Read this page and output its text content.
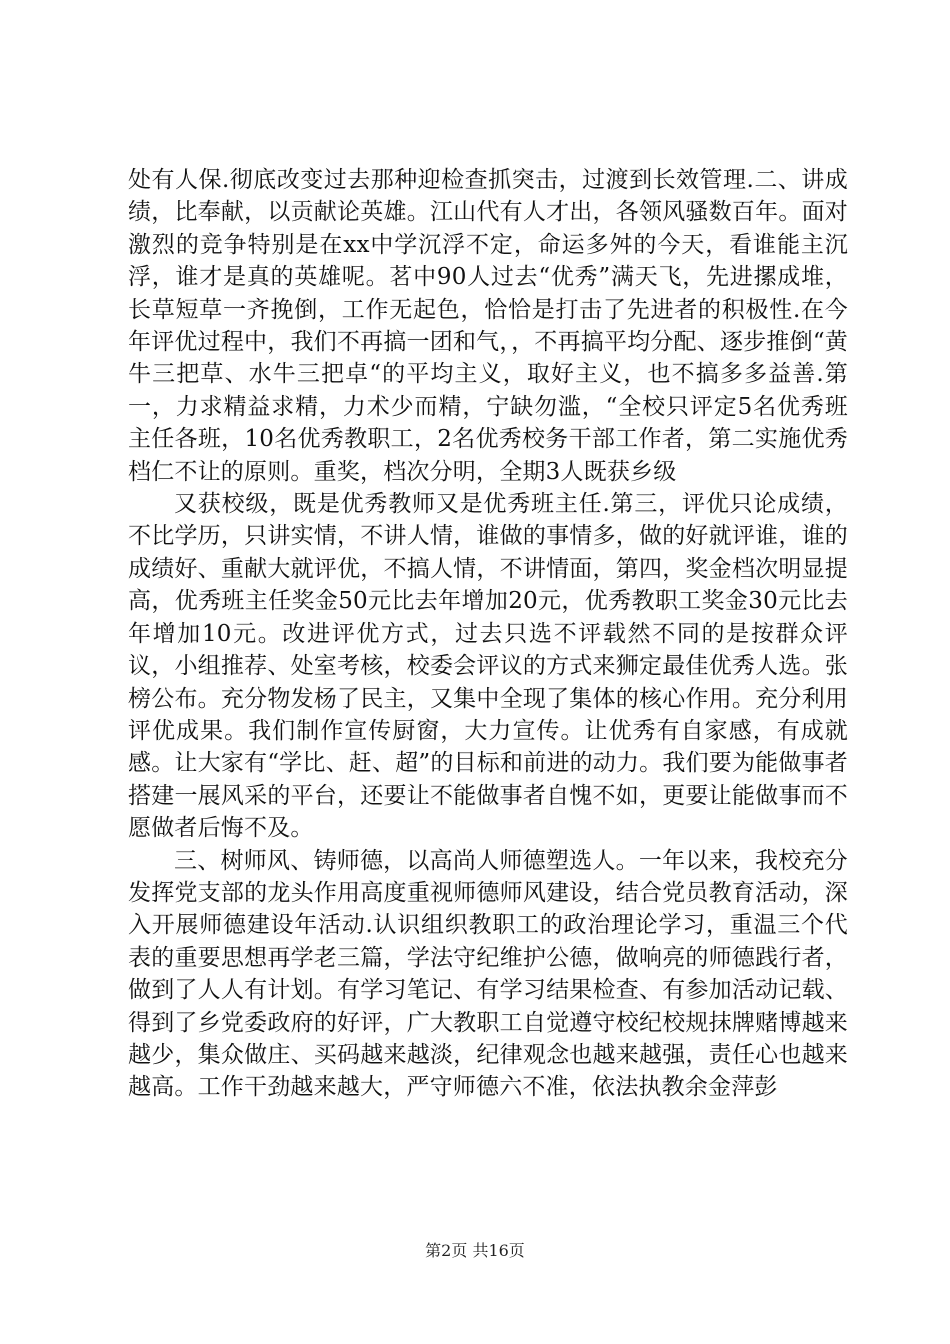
处有人保.彻底改变过去那种迎检查抓突击，过渡到长效管理.二、讲成绩，比奉献，以贡献论英雄。江山代有人才出，各领风骚数百年。面对激烈的竞争特别是在xx中学沉浮不定，命运多舛的今天，看谁能主沉浮，谁才是真的英雄呢。茗中90人过去“优秀”满天飞，先进摞成堆，长草短草一齐挽倒，工作无起色，恰恰是打击了先进者的积极性.在今年评优过程中，我们不再搞一团和气，，不再搞平均分配、逐步推倒“黄牛三把草、水牛三把卓“的平均主义，取好主义，也不搞多多益善.第一，力求精益求精，力术少而精，宁缺勿滥，“全校只评定5名优秀班主任各班，10名优秀教职工，2名优秀校务干部工作者，第二实施优秀档仁不让的原则。重奖，档次分明，全期3人既获乡级

又获校级，既是优秀教师又是优秀班主任.第三，评优只论成绩，不比学历，只讲实情，不讲人情，谁做的事情多，做的好就评谁，谁的成绩好、重献大就评优，不搞人情，不讲情面，第四，奖金档次明显提高，优秀班主任奖金50元比去年增加20元，优秀教职工奖金30元比去年增加10元。改进评优方式，过去只选不评载然不同的是按群众评议，小组推荐、处室考核，校委会评议的方式来狮定最佳优秀人选。张榜公布。充分物发杨了民主，又集中全现了集体的核心作用。充分利用评优成果。我们制作宣传厨窗，大力宣传。让优秀有自家感，有成就感。让大家有“学比、赶、超”的目标和前进的动力。我们要为能做事者搭建一展风采的平台，还要让不能做事者自愧不如，更要让能做事而不愿做者后悔不及。

三、树师风、铸师德，以高尚人师德塑选人。一年以来，我校充分发挥党支部的龙头作用高度重视师德师风建设，结合党员教育活动，深入开展师德建设年活动.认识组织教职工的政治理论学习，重温三个代表的重要思想再学老三篇，学法守纪维护公德，做响亮的师德践行者，做到了人人有计划。有学习笔记、有学习结果检查、有参加活动记载、得到了乡党委政府的好评，广大教职工自觉遵守校纪校规抹牌赌博越来越少，集众做庄、买码越来越淡，纪律观念也越来越强，责任心也越来越高。工作干劲越来越大，严守师德六不准，依法执教余金萍彭

第2页 共16页
